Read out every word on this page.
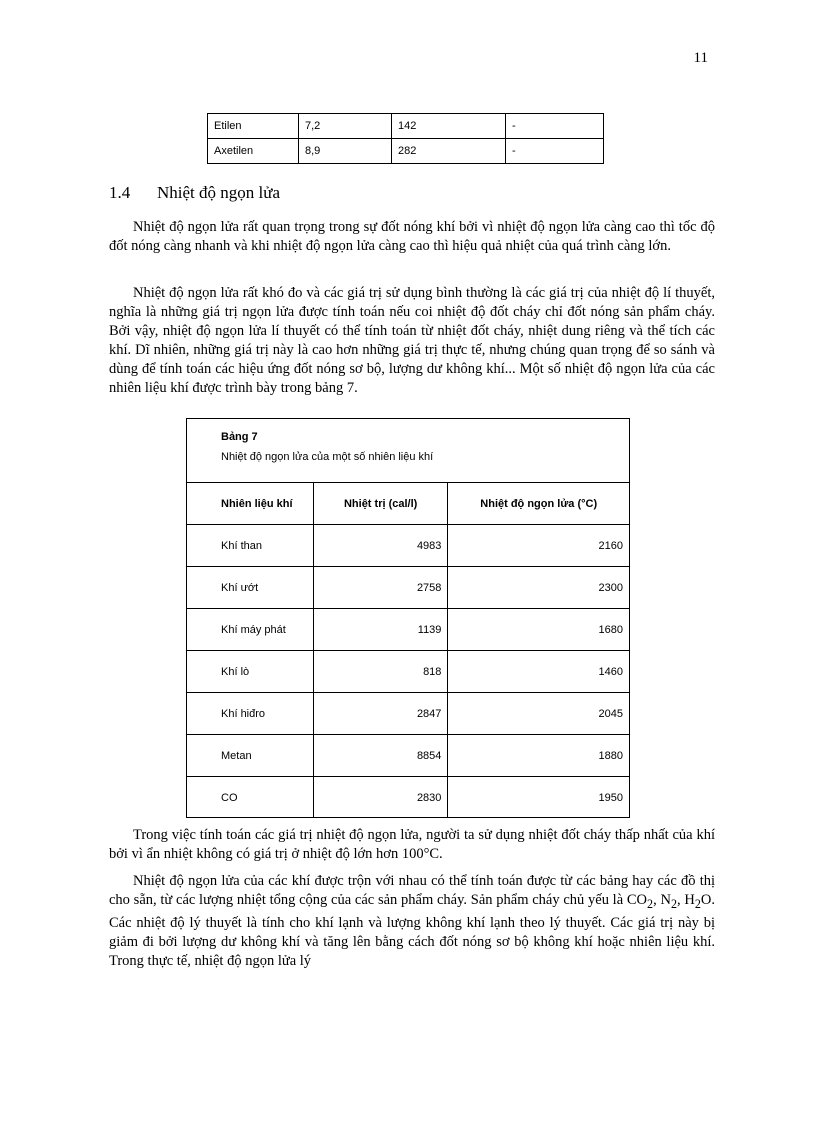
11
Etilen	7,2	142	-
Axetilen	8,9	282	-
1.4 Nhiệt độ ngọn lửa

Nhiệt độ ngọn lửa rất quan trọng trong sự đốt nóng khí bởi vì nhiệt độ ngọn lửa càng cao thì tốc độ đốt nóng càng nhanh và khi nhiệt độ ngọn lửa càng cao thì hiệu quả nhiệt của quá trình càng lớn.

Nhiệt độ ngọn lửa rất khó đo và các giá trị sử dụng bình thường là các giá trị của nhiệt độ lí thuyết, nghĩa là những giá trị ngọn lửa được tính toán nếu coi nhiệt độ đốt cháy chỉ đốt nóng sản phẩm cháy. Bởi vậy, nhiệt độ ngọn lửa lí thuyết có thể tính toán từ nhiệt đốt cháy, nhiệt dung riêng và thể tích các khí. Dĩ nhiên, những giá trị này là cao hơn những giá trị thực tế, nhưng chúng quan trọng để so sánh và dùng để tính toán các hiệu ứng đốt nóng sơ bộ, lượng dư không khí... Một số nhiệt độ ngọn lửa của các nhiên liệu khí được trình bày trong bảng 7.

Bảng 7
Nhiệt độ ngọn lửa của một số nhiên liệu khí
Nhiên liệu khí	Nhiệt trị (cal/l)	Nhiệt độ ngọn lửa (°C)
Khí than	4983	2160
Khí ướt	2758	2300
Khí máy phát	1139	1680
Khí lò	818	1460
Khí hiđro	2847	2045
Metan	8854	1880
CO	2830	1950

Trong việc tính toán các giá trị nhiệt độ ngọn lửa, người ta sử dụng nhiệt đốt cháy thấp nhất của khí bởi vì ẩn nhiệt không có giá trị ở nhiệt độ lớn hơn 100°C.

Nhiệt độ ngọn lửa của các khí được trộn với nhau có thể tính toán được từ các bảng hay các đồ thị cho sẵn, từ các lượng nhiệt tổng cộng của các sản phẩm cháy. Sản phẩm cháy chủ yếu là $CO_2$, $N_2$, $H_2O$. Các nhiệt độ lý thuyết là tính cho khí lạnh và lượng không khí lạnh theo lý thuyết. Các giá trị này bị giảm đi bởi lượng dư không khí và tăng lên bằng cách đốt nóng sơ bộ không khí hoặc nhiên liệu khí. Trong thực tế, nhiệt độ ngọn lửa lý
